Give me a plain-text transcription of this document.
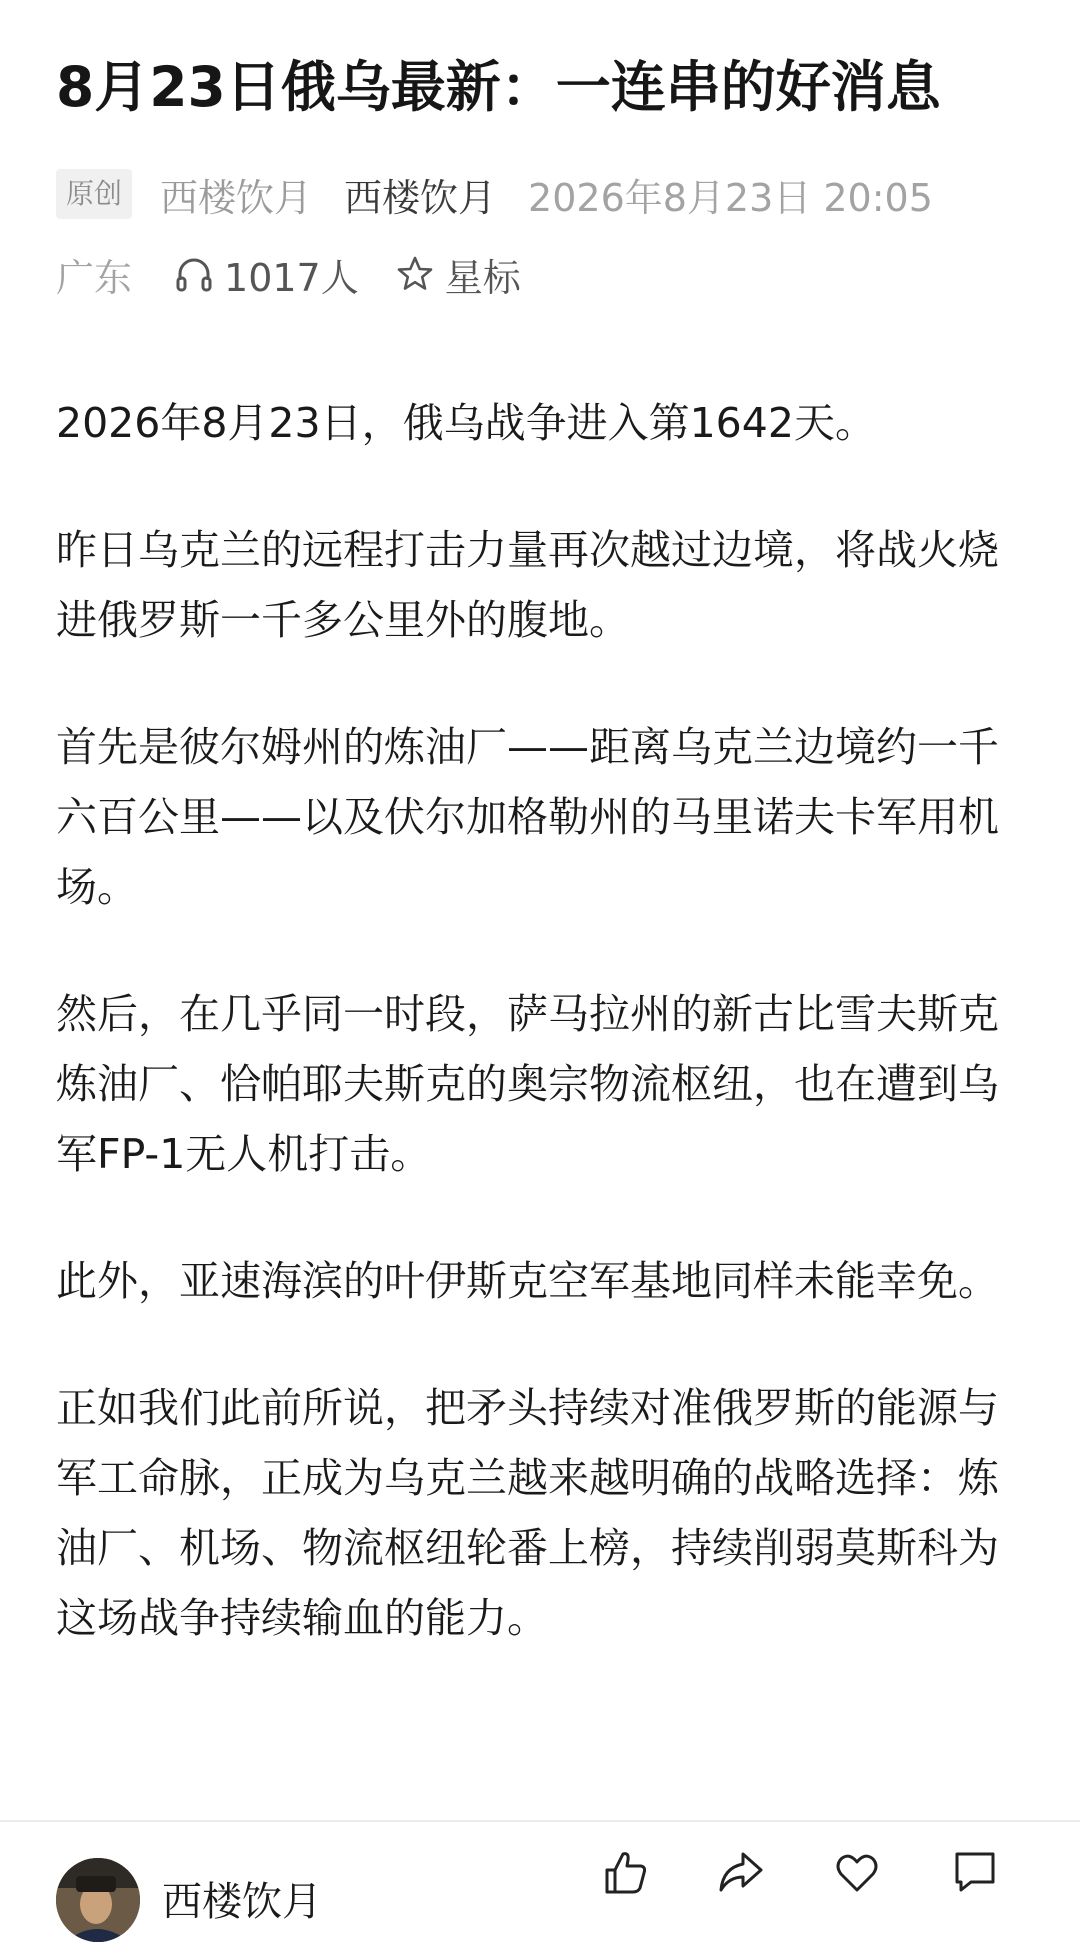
8月23日俄乌最新：一连串的好消息
原创 西楼饮月 西楼饮月 2026年8月23日 20:05
广东 1017人 星标

2026年8月23日，俄乌战争进入第1642天。

昨日乌克兰的远程打击力量再次越过边境，将战火烧进俄罗斯一千多公里外的腹地。

首先是彼尔姆州的炼油厂——距离乌克兰边境约一千六百公里——以及伏尔加格勒州的马里诺夫卡军用机场。

然后，在几乎同一时段，萨马拉州的新古比雪夫斯克炼油厂、恰帕耶夫斯克的奥宗物流枢纽，也在遭到乌军FP-1无人机打击。

此外，亚速海滨的叶伊斯克空军基地同样未能幸免。

正如我们此前所说，把矛头持续对准俄罗斯的能源与军工命脉，正成为乌克兰越来越明确的战略选择：炼油厂、机场、物流枢纽轮番上榜，持续削弱莫斯科为这场战争持续输血的能力。

西楼饮月
